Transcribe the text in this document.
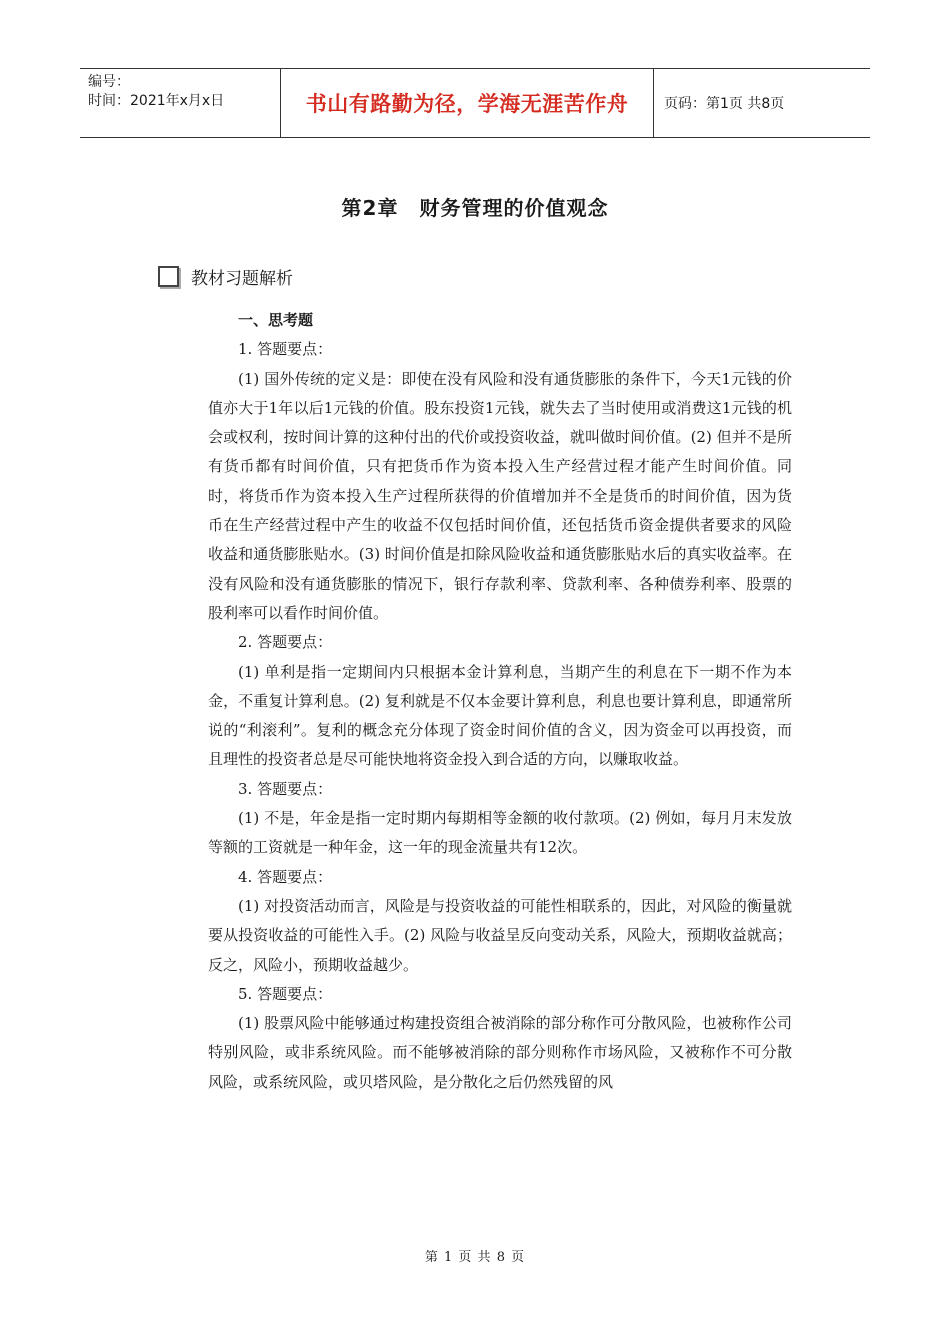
编号：
时间：2021年x月x日	书山有路勤为径，学海无涯苦作舟	页码：第1页 共8页
第2章　财务管理的价值观念
教材习题解析

一、思考题

1. 答题要点：

(1) 国外传统的定义是：即使在没有风险和没有通货膨胀的条件下，今天1元钱的价值亦大于1年以后1元钱的价值。股东投资1元钱，就失去了当时使用或消费这1元钱的机会或权利，按时间计算的这种付出的代价或投资收益，就叫做时间价值。(2) 但并不是所有货币都有时间价值，只有把货币作为资本投入生产经营过程才能产生时间价值。同时，将货币作为资本投入生产过程所获得的价值增加并不全是货币的时间价值，因为货币在生产经营过程中产生的收益不仅包括时间价值，还包括货币资金提供者要求的风险收益和通货膨胀贴水。(3) 时间价值是扣除风险收益和通货膨胀贴水后的真实收益率。在没有风险和没有通货膨胀的情况下，银行存款利率、贷款利率、各种债券利率、股票的股利率可以看作时间价值。

2. 答题要点：

(1) 单利是指一定期间内只根据本金计算利息，当期产生的利息在下一期不作为本金，不重复计算利息。(2) 复利就是不仅本金要计算利息，利息也要计算利息，即通常所说的“利滚利”。复利的概念充分体现了资金时间价值的含义，因为资金可以再投资，而且理性的投资者总是尽可能快地将资金投入到合适的方向，以赚取收益。

3. 答题要点：

(1) 不是，年金是指一定时期内每期相等金额的收付款项。(2) 例如，每月月末发放等额的工资就是一种年金，这一年的现金流量共有12次。

4. 答题要点：

(1) 对投资活动而言，风险是与投资收益的可能性相联系的，因此，对风险的衡量就要从投资收益的可能性入手。(2) 风险与收益呈反向变动关系，风险大，预期收益就高；反之，风险小，预期收益越少。

5. 答题要点：

(1) 股票风险中能够通过构建投资组合被消除的部分称作可分散风险，也被称作公司特别风险，或非系统风险。而不能够被消除的部分则称作市场风险，又被称作不可分散风险，或系统风险，或贝塔风险，是分散化之后仍然残留的风

第 1 页 共 8 页
